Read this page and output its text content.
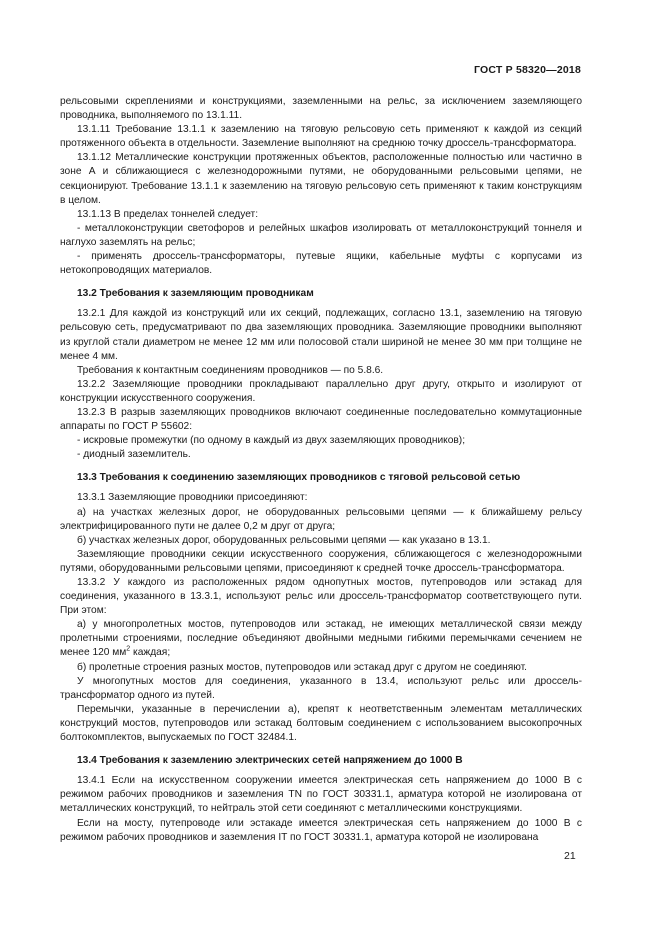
ГОСТ Р 58320—2018

рельсовыми скреплениями и конструкциями, заземленными на рельс, за исключением заземляющего проводника, выполняемого по 13.1.11.

13.1.11 Требование 13.1.1 к заземлению на тяговую рельсовую сеть применяют к каждой из секций протяженного объекта в отдельности. Заземление выполняют на среднюю точку дроссель-трансформатора.

13.1.12 Металлические конструкции протяженных объектов, расположенные полностью или частично в зоне А и сближающиеся с железнодорожными путями, не оборудованными рельсовыми цепями, не секционируют. Требование 13.1.1 к заземлению на тяговую рельсовую сеть применяют к таким конструкциям в целом.

13.1.13 В пределах тоннелей следует:

- металлоконструкции светофоров и релейных шкафов изолировать от металлоконструкций тоннеля и наглухо заземлять на рельс;

- применять дроссель-трансформаторы, путевые ящики, кабельные муфты с корпусами из нетокопроводящих материалов.

13.2 Требования к заземляющим проводникам

13.2.1 Для каждой из конструкций или их секций, подлежащих, согласно 13.1, заземлению на тяговую рельсовую сеть, предусматривают по два заземляющих проводника. Заземляющие проводники выполняют из круглой стали диаметром не менее 12 мм или полосовой стали шириной не менее 30 мм при толщине не менее 4 мм.

Требования к контактным соединениям проводников — по 5.8.6.

13.2.2 Заземляющие проводники прокладывают параллельно друг другу, открыто и изолируют от конструкции искусственного сооружения.

13.2.3 В разрыв заземляющих проводников включают соединенные последовательно коммутационные аппараты по ГОСТ Р 55602:

- искровые промежутки (по одному в каждый из двух заземляющих проводников);

- диодный заземлитель.

13.3 Требования к соединению заземляющих проводников с тяговой рельсовой сетью

13.3.1 Заземляющие проводники присоединяют:

а) на участках железных дорог, не оборудованных рельсовыми цепями — к ближайшему рельсу электрифицированного пути не далее 0,2 м друг от друга;

б) участках железных дорог, оборудованных рельсовыми цепями — как указано в 13.1.

Заземляющие проводники секции искусственного сооружения, сближающегося с железнодорожными путями, оборудованными рельсовыми цепями, присоединяют к средней точке дроссель-трансформатора.

13.3.2 У каждого из расположенных рядом однопутных мостов, путепроводов или эстакад для соединения, указанного в 13.3.1, используют рельс или дроссель-трансформатор соответствующего пути. При этом:

а) у многопролетных мостов, путепроводов или эстакад, не имеющих металлической связи между пролетными строениями, последние объединяют двойными медными гибкими перемычками сечением не менее 120 $мм^2$ каждая;

б) пролетные строения разных мостов, путепроводов или эстакад друг с другом не соединяют.

У многопутных мостов для соединения, указанного в 13.4, используют рельс или дроссель-трансформатор одного из путей.

Перемычки, указанные в перечислении а), крепят к неответственным элементам металлических конструкций мостов, путепроводов или эстакад болтовым соединением с использованием высокопрочных болтокомплектов, выпускаемых по ГОСТ 32484.1.

13.4 Требования к заземлению электрических сетей напряжением до 1000 В

13.4.1 Если на искусственном сооружении имеется электрическая сеть напряжением до 1000 В с режимом рабочих проводников и заземления TN по ГОСТ 30331.1, арматура которой не изолирована от металлических конструкций, то нейтраль этой сети соединяют с металлическими конструкциями.

Если на мосту, путепроводе или эстакаде имеется электрическая сеть напряжением до 1000 В с режимом рабочих проводников и заземления IT по ГОСТ 30331.1, арматура которой не изолирована

21
